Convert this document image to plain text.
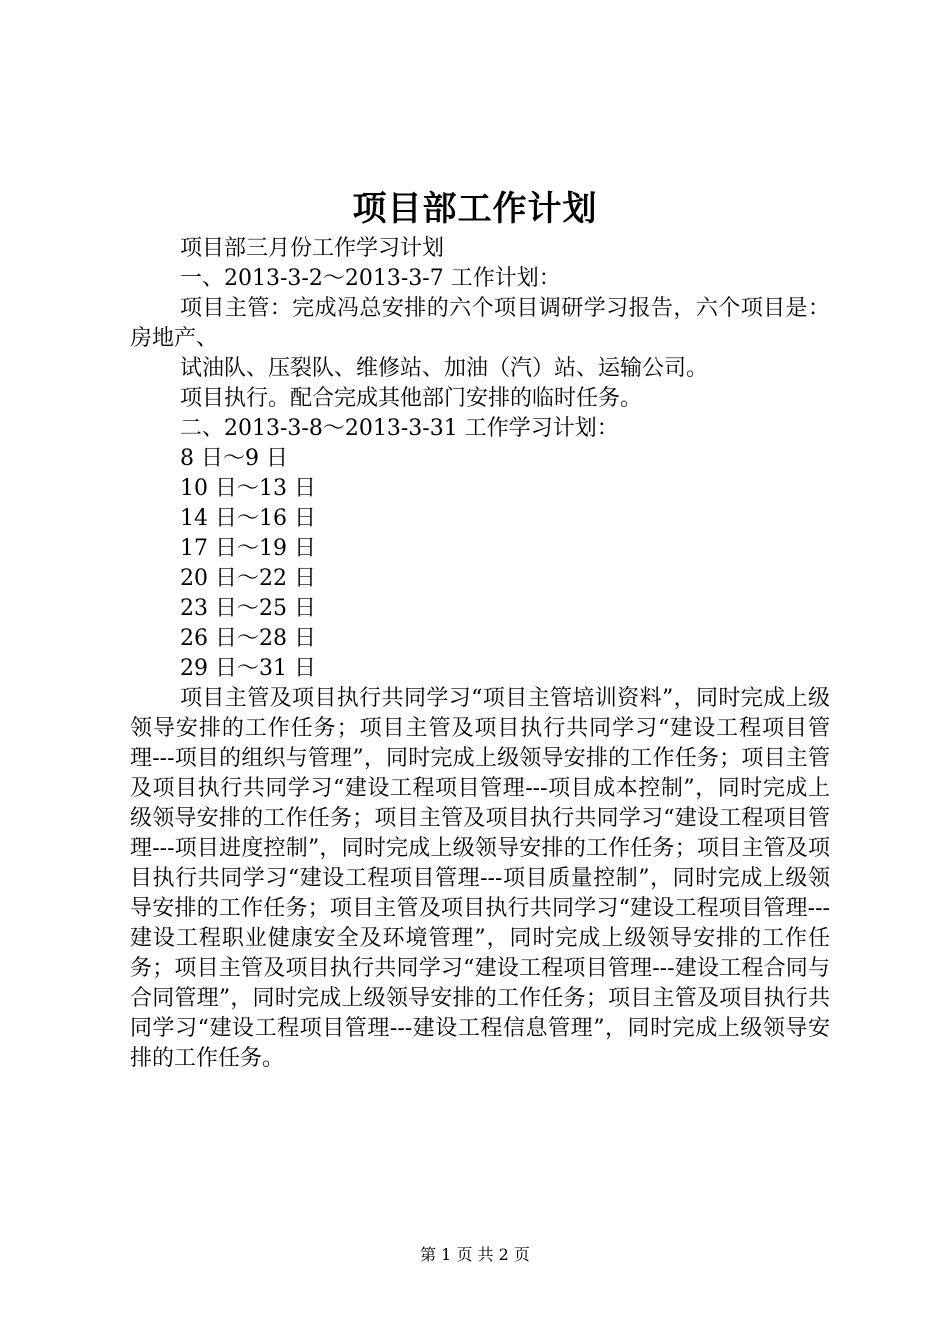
项目部工作计划

项目部三月份工作学习计划

一、2013-3-2～2013-3-7 工作计划：

项目主管：完成冯总安排的六个项目调研学习报告，六个项目是：房地产、

试油队、压裂队、维修站、加油（汽）站、运输公司。

项目执行。配合完成其他部门安排的临时任务。

二、2013-3-8～2013-3-31 工作学习计划：

8 日～9 日

10 日～13 日

14 日～16 日

17 日～19 日

20 日～22 日

23 日～25 日

26 日～28 日

29 日～31 日

项目主管及项目执行共同学习“项目主管培训资料”，同时完成上级领导安排的工作任务；项目主管及项目执行共同学习“建设工程项目管理---项目的组织与管理”，同时完成上级领导安排的工作任务；项目主管及项目执行共同学习“建设工程项目管理---项目成本控制”，同时完成上级领导安排的工作任务；项目主管及项目执行共同学习“建设工程项目管理---项目进度控制”，同时完成上级领导安排的工作任务；项目主管及项目执行共同学习“建设工程项目管理---项目质量控制”，同时完成上级领导安排的工作任务；项目主管及项目执行共同学习“建设工程项目管理---建设工程职业健康安全及环境管理”，同时完成上级领导安排的工作任务；项目主管及项目执行共同学习“建设工程项目管理---建设工程合同与合同管理”，同时完成上级领导安排的工作任务；项目主管及项目执行共同学习“建设工程项目管理---建设工程信息管理”，同时完成上级领导安排的工作任务。

第 1 页 共 2 页
